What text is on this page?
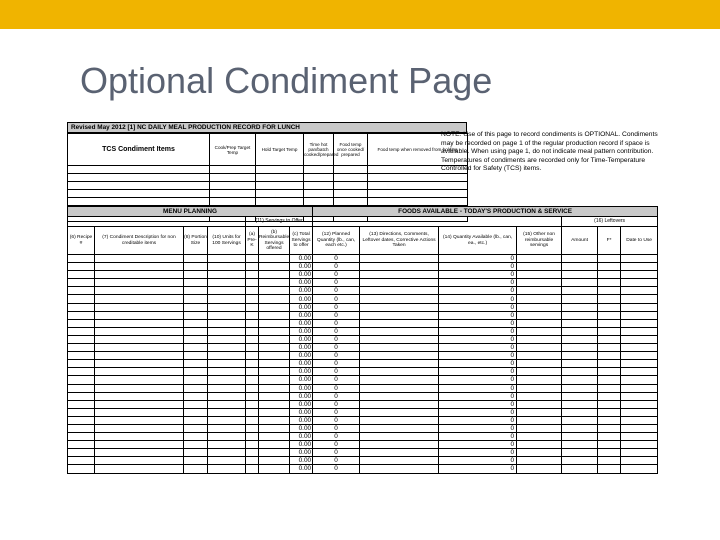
Optional Condiment Page
Revised May 2012 [1] NC DAILY MEAL PRODUCTION RECORD FOR LUNCH
TCS Condiment Items	Cook/Prep Target Temp	Hold Target Temp	Time hot pan/batch cooked/prepared	Food temp once cooked/ prepared	Food temp when removed from holding

NOTE: Use of this page to record condiments is OPTIONAL. Condiments may be recorded on page 1 of the regular production record if space is available. When using page 1, do not indicate meal pattern contribution. Temperatures of condiments are recorded only for Time-Temperature Controlled for Safety (TCS) items.
MENU PLANNING							FOODS AVAILABLE - TODAY'S PRODUCTION & SERVICE						
				(11) Servings to Offer							(16) Leftovers		
(6) Recipe #	(7) Condiment Description for non creditable items	(8) Portion Size	(10) Units for 100 Servings	(a) Pre-K	(b) Reimbursable Servings offered	(c) Total Servings to offer	(12) Planned Quantity (lb., can, each etc.)	(13) Directions, Comments, Leftover dates, Corrective Actions Taken	(14) Quantity Available (lb., can, ea., etc.)	(15) Other non reimbursable servings	Amount	F*	Date to Use
						0.00	0		0				
						0.00	0		0				
						0.00	0		0				
						0.00	0		0				
						0.00	0		0				
						0.00	0		0				
						0.00	0		0				
						0.00	0		0				
						0.00	0		0				
						0.00	0		0				
						0.00	0		0				
						0.00	0		0				
						0.00	0		0				
						0.00	0		0				
						0.00	0		0				
						0.00	0		0				
						0.00	0		0				
						0.00	0		0				
						0.00	0		0				
						0.00	0		0				
						0.00	0		0				
						0.00	0		0				
						0.00	0		0				
						0.00	0		0				
						0.00	0		0				
						0.00	0		0				
						0.00	0		0				
